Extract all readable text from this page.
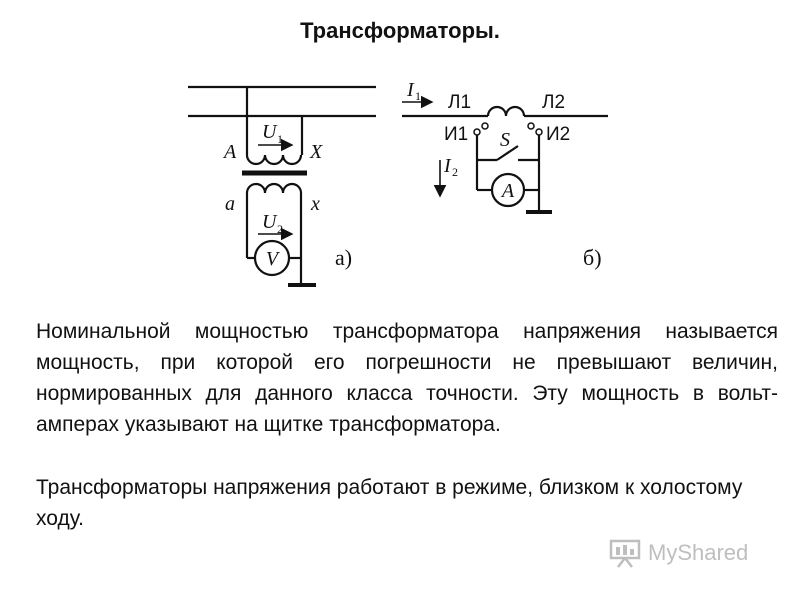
Трансформаторы.
A	X
a	x
U 1
U 2
V	а)
I 1
I 2
Л1	Л2
И1	И2
S
A
б)

Номинальной мощностью трансформатора напряжения называется мощность, при которой его погрешности не превышают величин, нормированных для данного класса точности. Эту мощность в вольт-амперах указывают на щитке трансформатора.

Трансформаторы напряжения работают в режиме, близком к холостому ходу.

MyShared
